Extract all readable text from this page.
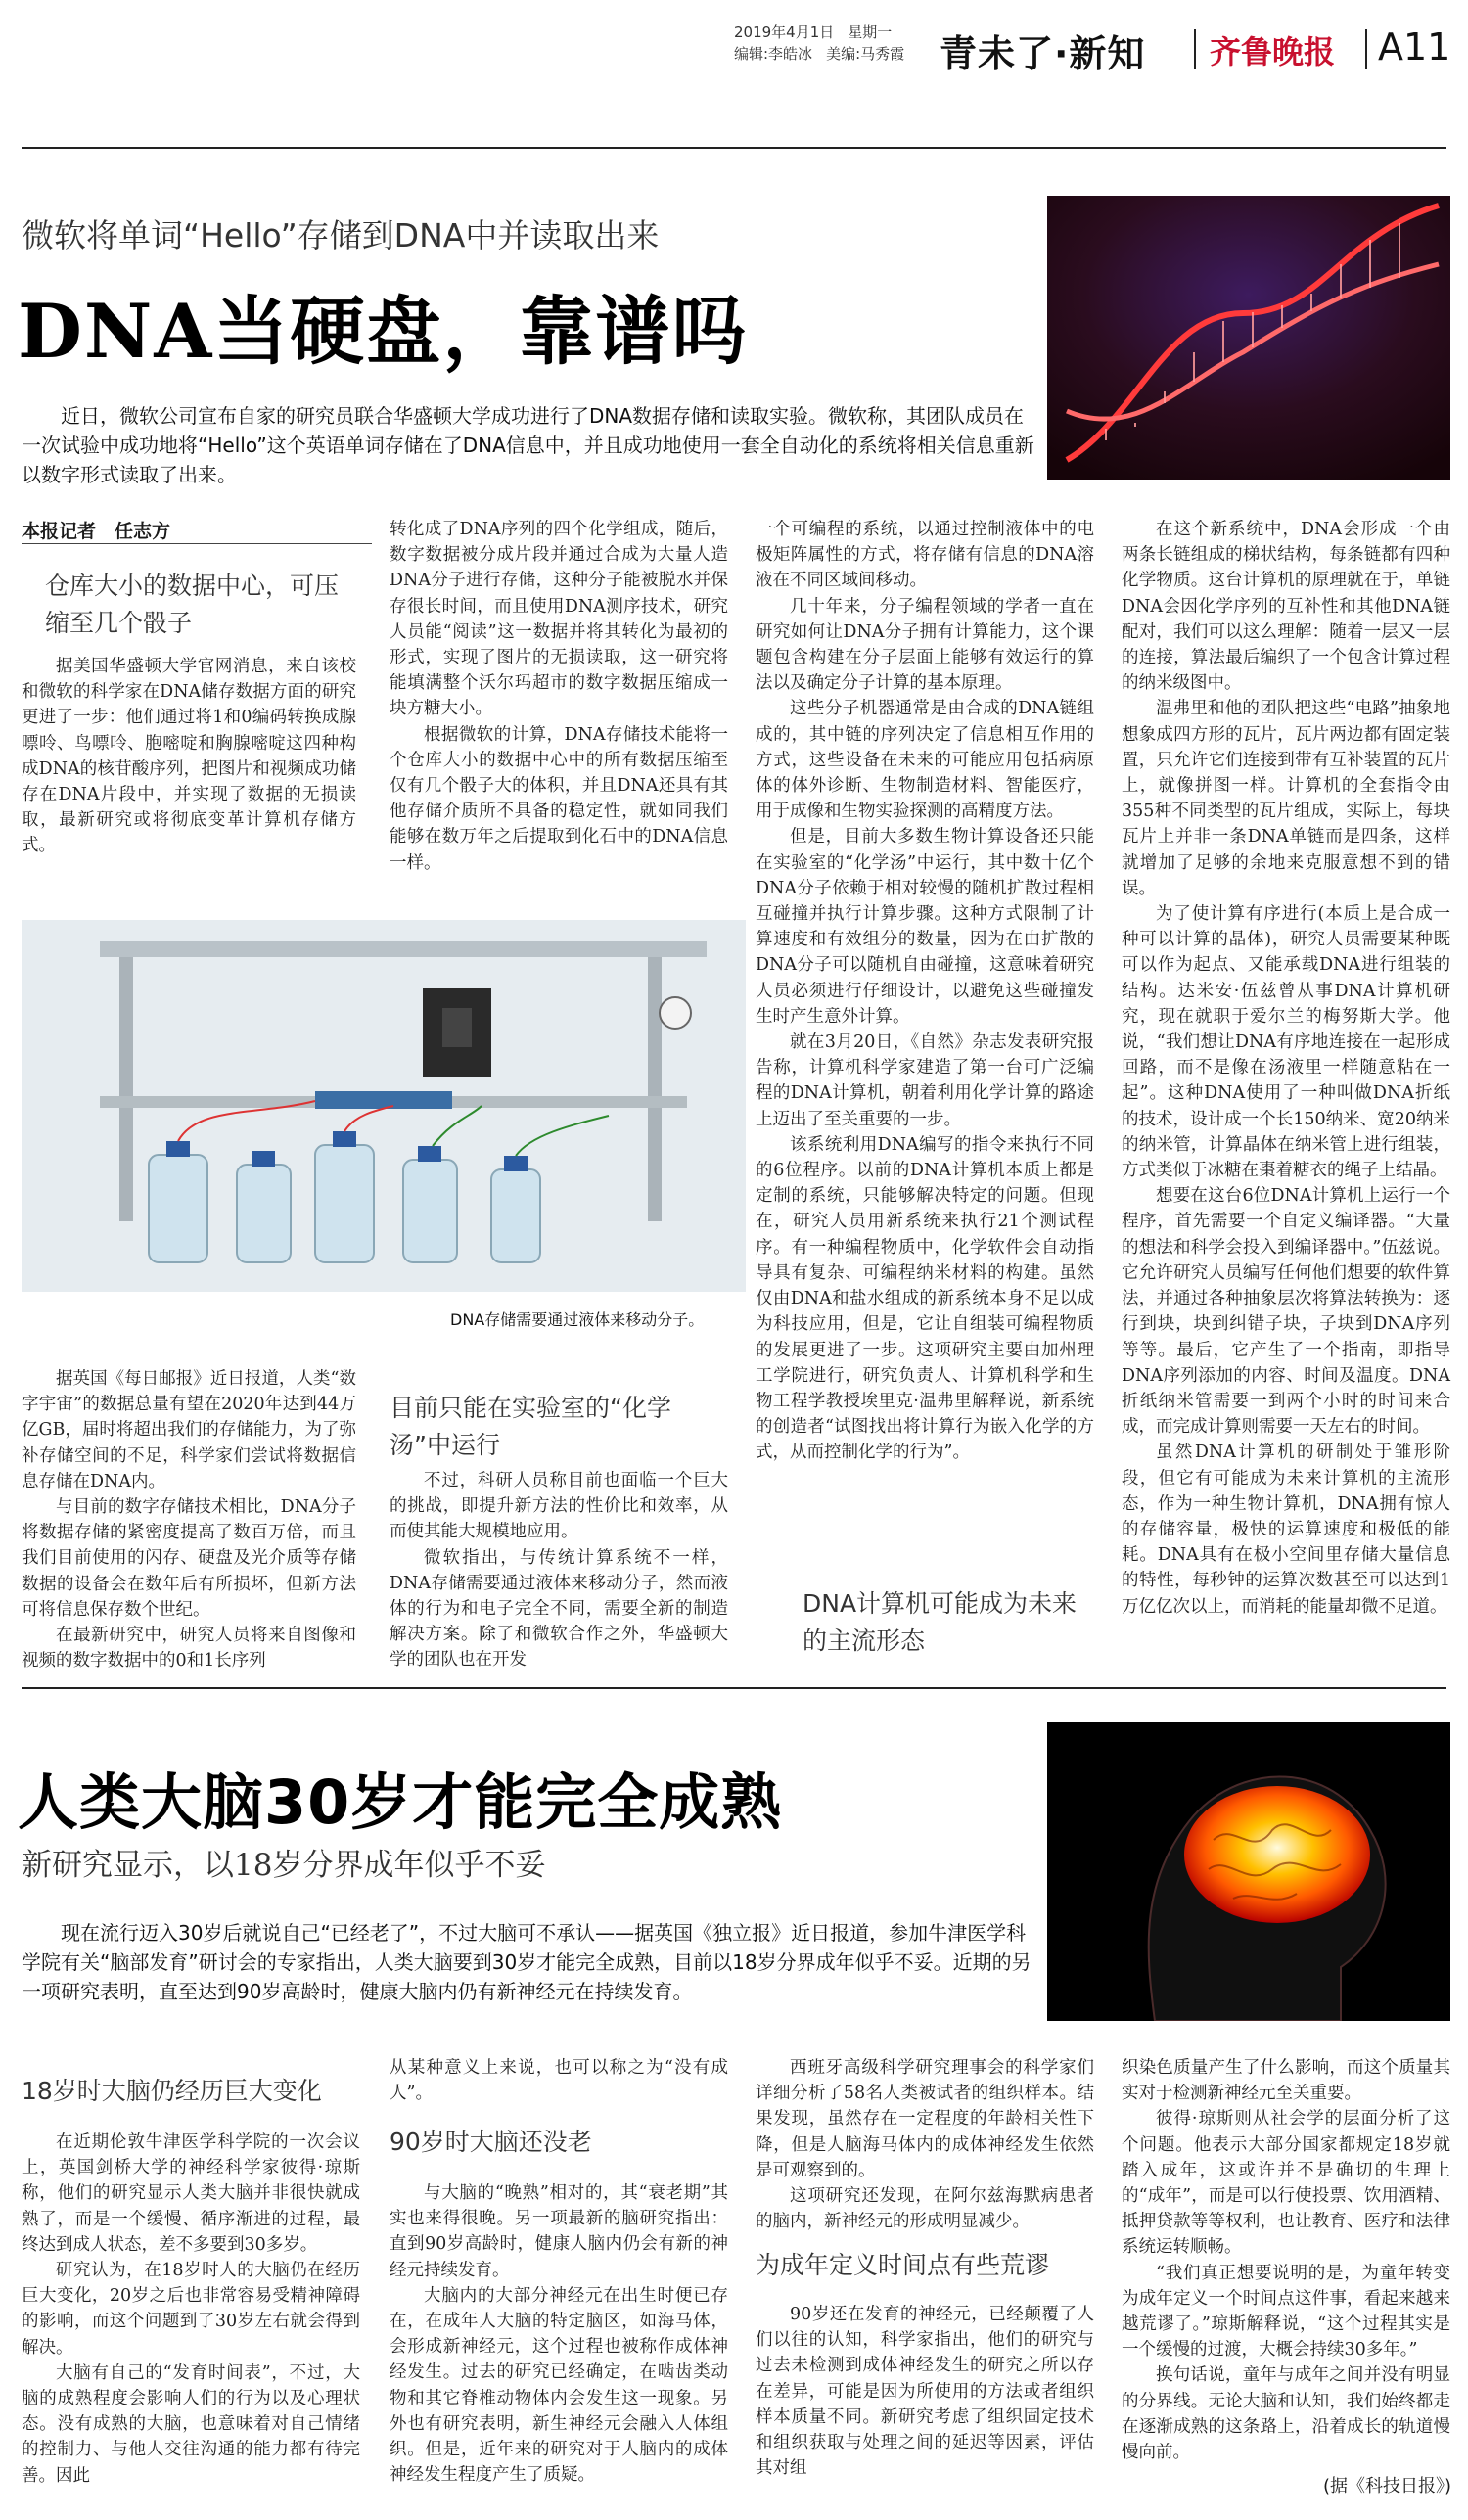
2019年4月1日 星期一
编辑:李皓冰 美编:马秀霞 青未了·新知 齐鲁晚报 A11
微软将单词“Hello”存储到DNA中并读取出来
DNA当硬盘，靠谱吗
近日，微软公司宣布自家的研究员联合华盛顿大学成功进行了DNA数据存储和读取实验。微软称，其团队成员在一次试验中成功地将“Hello”这个英语单词存储在了DNA信息中，并且成功地使用一套全自动化的系统将相关信息重新以数字形式读取了出来。
本报记者　任志方
仓库大小的数据中心，可压缩至几个骰子

据美国华盛顿大学官网消息，来自该校和微软的科学家在DNA储存数据方面的研究更进了一步：他们通过将1和0编码转换成腺嘌呤、鸟嘌呤、胞嘧啶和胸腺嘧啶这四种构成DNA的核苷酸序列，把图片和视频成功储存在DNA片段中，并实现了数据的无损读取，最新研究或将彻底变革计算机存储方式。

转化成了DNA序列的四个化学组成，随后，数字数据被分成片段并通过合成为大量人造DNA分子进行存储，这种分子能被脱水并保存很长时间，而且使用DNA测序技术，研究人员能“阅读”这一数据并将其转化为最初的形式，实现了图片的无损读取，这一研究将能填满整个沃尔玛超市的数字数据压缩成一块方糖大小。

根据微软的计算，DNA存储技术能将一个仓库大小的数据中心中的所有数据压缩至仅有几个骰子大的体积，并且DNA还具有其他存储介质所不具备的稳定性，就如同我们能够在数万年之后提取到化石中的DNA信息一样。

DNA存储需要通过液体来移动分子。

据英国《每日邮报》近日报道，人类“数字宇宙”的数据总量有望在2020年达到44万亿GB，届时将超出我们的存储能力，为了弥补存储空间的不足，科学家们尝试将数据信息存储在DNA内。

与目前的数字存储技术相比，DNA分子将数据存储的紧密度提高了数百万倍，而且我们目前使用的闪存、硬盘及光介质等存储数据的设备会在数年后有所损坏，但新方法可将信息保存数个世纪。

在最新研究中，研究人员将来自图像和视频的数字数据中的0和1长序列

目前只能在实验室的“化学汤”中运行

不过，科研人员称目前也面临一个巨大的挑战，即提升新方法的性价比和效率，从而使其能大规模地应用。

微软指出，与传统计算系统不一样，DNA存储需要通过液体来移动分子，然而液体的行为和电子完全不同，需要全新的制造解决方案。除了和微软合作之外，华盛顿大学的团队也在开发

一个可编程的系统，以通过控制液体中的电极矩阵属性的方式，将存储有信息的DNA溶液在不同区域间移动。

几十年来，分子编程领域的学者一直在研究如何让DNA分子拥有计算能力，这个课题包含构建在分子层面上能够有效运行的算法以及确定分子计算的基本原理。

这些分子机器通常是由合成的DNA链组成的，其中链的序列决定了信息相互作用的方式，这些设备在未来的可能应用包括病原体的体外诊断、生物制造材料、智能医疗，用于成像和生物实验探测的高精度方法。

但是，目前大多数生物计算设备还只能在实验室的“化学汤”中运行，其中数十亿个DNA分子依赖于相对较慢的随机扩散过程相互碰撞并执行计算步骤。这种方式限制了计算速度和有效组分的数量，因为在由扩散的DNA分子可以随机自由碰撞，这意味着研究人员必须进行仔细设计，以避免这些碰撞发生时产生意外计算。

就在3月20日，《自然》杂志发表研究报告称，计算机科学家建造了第一台可广泛编程的DNA计算机，朝着利用化学计算的路途上迈出了至关重要的一步。

该系统利用DNA编写的指令来执行不同的6位程序。以前的DNA计算机本质上都是定制的系统，只能够解决特定的问题。但现在，研究人员用新系统来执行21个测试程序。有一种编程物质中，化学软件会自动指导具有复杂、可编程纳米材料的构建。虽然仅由DNA和盐水组成的新系统本身不足以成为科技应用，但是，它让自组装可编程物质的发展更进了一步。这项研究主要由加州理工学院进行，研究负责人、计算机科学和生物工程学教授埃里克·温弗里解释说，新系统的创造者“试图找出将计算行为嵌入化学的方式，从而控制化学的行为”。

DNA计算机可能成为未来的主流形态

在这个新系统中，DNA会形成一个由两条长链组成的梯状结构，每条链都有四种化学物质。这台计算机的原理就在于，单链DNA会因化学序列的互补性和其他DNA链配对，我们可以这么理解：随着一层又一层的连接，算法最后编织了一个包含计算过程的纳米级图中。

温弗里和他的团队把这些“电路”抽象地想象成四方形的瓦片，瓦片两边都有固定装置，只允许它们连接到带有互补装置的瓦片上，就像拼图一样。计算机的全套指令由355种不同类型的瓦片组成，实际上，每块瓦片上并非一条DNA单链而是四条，这样就增加了足够的余地来克服意想不到的错误。

为了使计算有序进行(本质上是合成一种可以计算的晶体)，研究人员需要某种既可以作为起点、又能承载DNA进行组装的结构。达米安·伍兹曾从事DNA计算机研究，现在就职于爱尔兰的梅努斯大学。他说，“我们想让DNA有序地连接在一起形成回路，而不是像在汤液里一样随意粘在一起”。这种DNA使用了一种叫做DNA折纸的技术，设计成一个长150纳米、宽20纳米的纳米管，计算晶体在纳米管上进行组装，方式类似于冰糖在棗着糖衣的绳子上结晶。

想要在这台6位DNA计算机上运行一个程序，首先需要一个自定义编译器。“大量的想法和科学会投入到编译器中。”伍兹说。它允许研究人员编写任何他们想要的软件算法，并通过各种抽象层次将算法转换为：逐行到块，块到纠错子块，子块到DNA序列等等。最后，它产生了一个指南，即指导DNA序列添加的内容、时间及温度。DNA折纸纳米管需要一到两个小时的时间来合成，而完成计算则需要一天左右的时间。

虽然DNA计算机的研制处于雏形阶段，但它有可能成为未来计算机的主流形态，作为一种生物计算机，DNA拥有惊人的存储容量，极快的运算速度和极低的能耗。DNA具有在极小空间里存储大量信息的特性，每秒钟的运算次数甚至可以达到1万亿亿次以上，而消耗的能量却微不足道。

人类大脑30岁才能完全成熟
新研究显示，以18岁分界成年似乎不妥
现在流行迈入30岁后就说自己“已经老了”，不过大脑可不承认——据英国《独立报》近日报道，参加牛津医学科学院有关“脑部发育”研讨会的专家指出，人类大脑要到30岁才能完全成熟，目前以18岁分界成年似乎不妥。近期的另一项研究表明，直至达到90岁高龄时，健康大脑内仍有新神经元在持续发育。
18岁时大脑仍经历巨大变化

在近期伦敦牛津医学科学院的一次会议上，英国剑桥大学的神经科学家彼得·琼斯称，他们的研究显示人类大脑并非很快就成熟了，而是一个缓慢、循序渐进的过程，最终达到成人状态，差不多要到30多岁。

研究认为，在18岁时人的大脑仍在经历巨大变化，20岁之后也非常容易受精神障碍的影响，而这个问题到了30岁左右就会得到解决。

大脑有自己的“发育时间表”，不过，大脑的成熟程度会影响人们的行为以及心理状态。没有成熟的大脑，也意味着对自己情绪的控制力、与他人交往沟通的能力都有待完善。因此

从某种意义上来说，也可以称之为“没有成人”。

90岁时大脑还没老

与大脑的“晚熟”相对的，其“衰老期”其实也来得很晚。另一项最新的脑研究指出：直到90岁高龄时，健康人脑内仍会有新的神经元持续发育。

大脑内的大部分神经元在出生时便已存在，在成年人大脑的特定脑区，如海马体，会形成新神经元，这个过程也被称作成体神经发生。过去的研究已经确定，在啮齿类动物和其它脊椎动物体内会发生这一现象。另外也有研究表明，新生神经元会融入人体组织。但是，近年来的研究对于人脑内的成体神经发生程度产生了质疑。

西班牙高级科学研究理事会的科学家们详细分析了58名人类被试者的组织样本。结果发现，虽然存在一定程度的年龄相关性下降，但是人脑海马体内的成体神经发生依然是可观察到的。

这项研究还发现，在阿尔兹海默病患者的脑内，新神经元的形成明显减少。

为成年定义时间点有些荒谬

90岁还在发育的神经元，已经颠覆了人们以往的认知，科学家指出，他们的研究与过去未检测到成体神经发生的研究之所以存在差异，可能是因为所使用的方法或者组织样本质量不同。新研究考虑了组织固定技术和组织获取与处理之间的延迟等因素，评估其对组

织染色质量产生了什么影响，而这个质量其实对于检测新神经元至关重要。

彼得·琼斯则从社会学的层面分析了这个问题。他表示大部分国家都规定18岁就踏入成年，这或许并不是确切的生理上的“成年”，而是可以行使投票、饮用酒精、抵押贷款等等权利，也让教育、医疗和法律系统运转顺畅。

“我们真正想要说明的是，为童年转变为成年定义一个时间点这件事，看起来越来越荒谬了。”琼斯解释说，“这个过程其实是一个缓慢的过渡，大概会持续30多年。”

换句话说，童年与成年之间并没有明显的分界线。无论大脑和认知，我们始终都走在逐渐成熟的这条路上，沿着成长的轨道慢慢向前。

(据《科技日报》)
